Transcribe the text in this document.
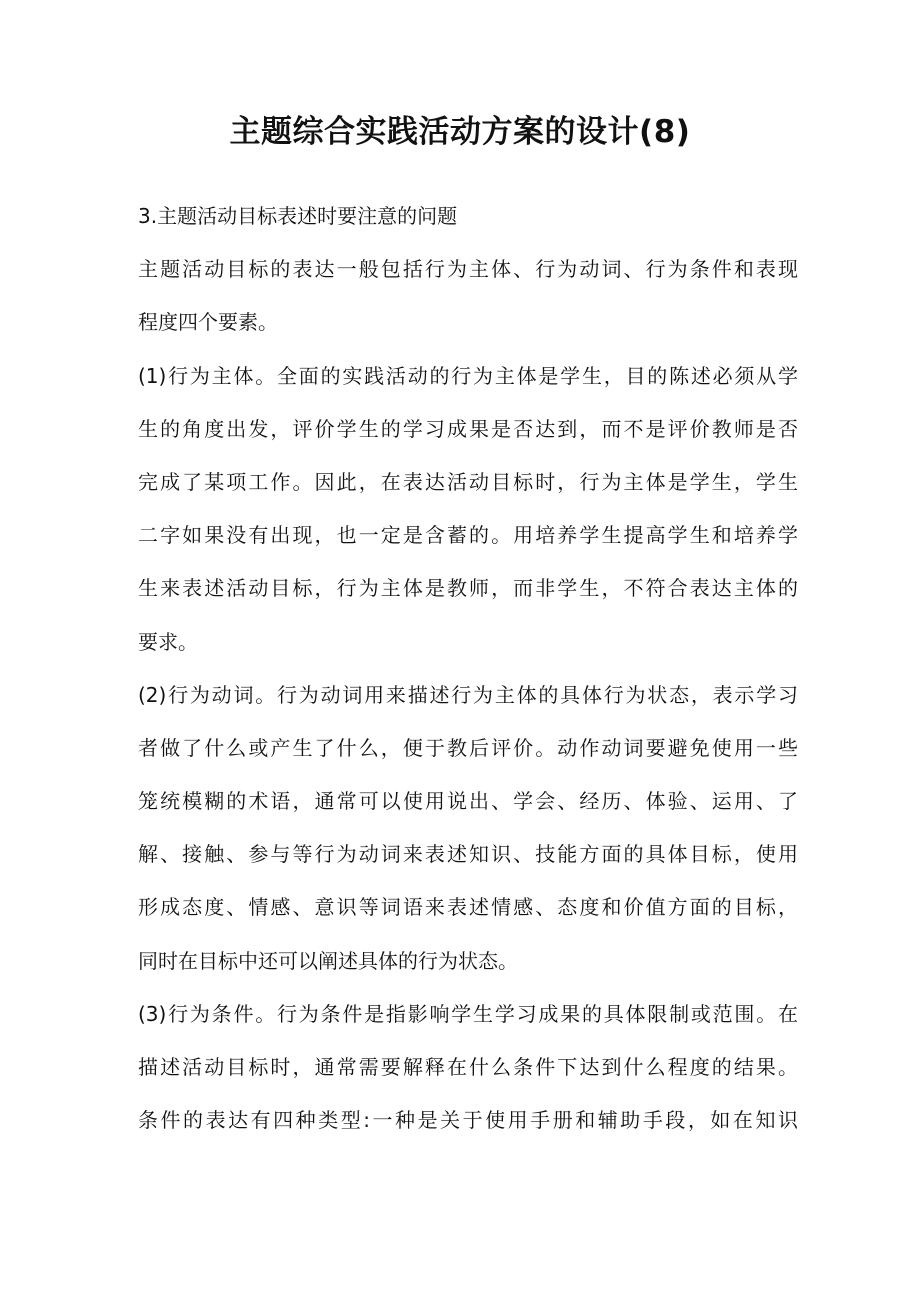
主题综合实践活动方案的设计(8)

3.主题活动目标表述时要注意的问题

主题活动目标的表达一般包括行为主体、行为动词、行为条件和表现

程度四个要素。

(1)行为主体。全面的实践活动的行为主体是学生，目的陈述必须从学

生的角度出发，评价学生的学习成果是否达到，而不是评价教师是否

完成了某项工作。因此，在表达活动目标时，行为主体是学生，学生

二字如果没有出现，也一定是含蓄的。用培养学生提高学生和培养学

生来表述活动目标，行为主体是教师，而非学生，不符合表达主体的

要求。

(2)行为动词。行为动词用来描述行为主体的具体行为状态，表示学习

者做了什么或产生了什么，便于教后评价。动作动词要避免使用一些

笼统模糊的术语，通常可以使用说出、学会、经历、体验、运用、了

解、接触、参与等行为动词来表述知识、技能方面的具体目标，使用

形成态度、情感、意识等词语来表述情感、态度和价值方面的目标，

同时在目标中还可以阐述具体的行为状态。

(3)行为条件。行为条件是指影响学生学习成果的具体限制或范围。在

描述活动目标时，通常需要解释在什么条件下达到什么程度的结果。

条件的表达有四种类型:一种是关于使用手册和辅助手段，如在知识
